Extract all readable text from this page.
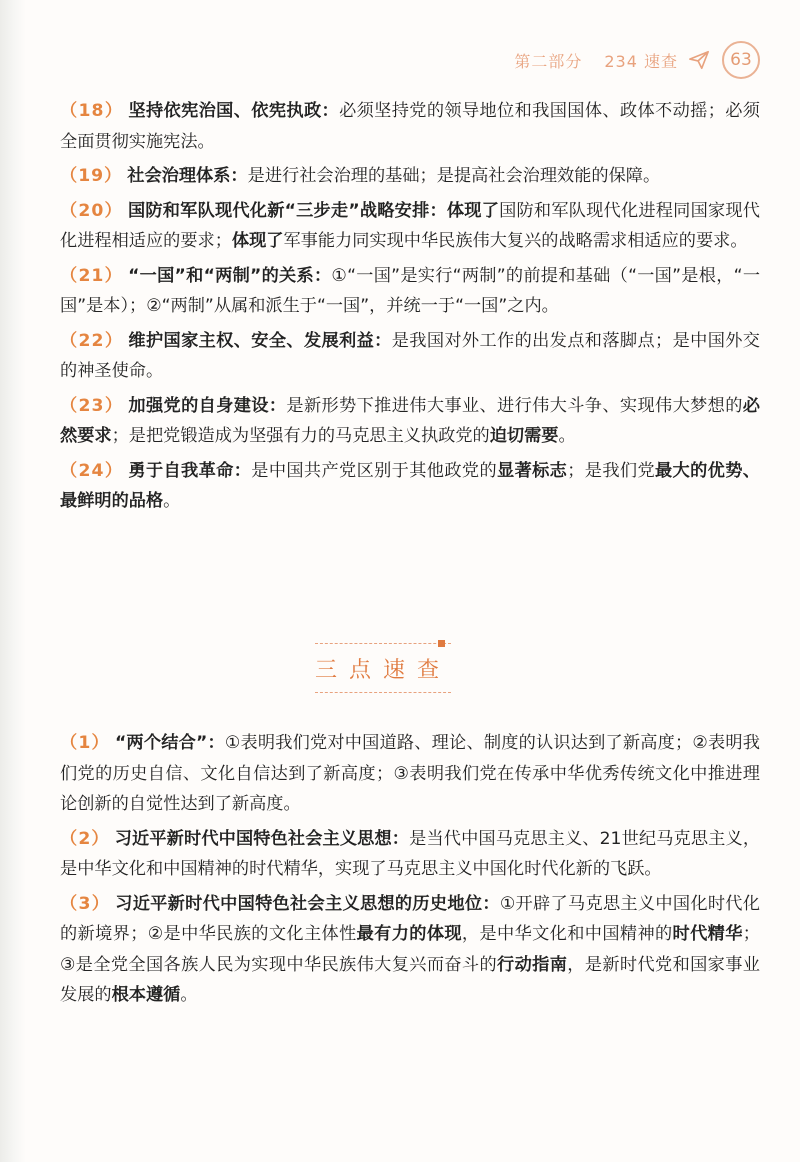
第二部分 234 速查	63
（18） 坚持依宪治国、依宪执政：必须坚持党的领导地位和我国国体、政体不动摇；必须全面贯彻实施宪法。
（19） 社会治理体系：是进行社会治理的基础；是提高社会治理效能的保障。
（20） 国防和军队现代化新“三步走”战略安排：体现了国防和军队现代化进程同国家现代化进程相适应的要求；体现了军事能力同实现中华民族伟大复兴的战略需求相适应的要求。
（21） “一国”和“两制”的关系：①“一国”是实行“两制”的前提和基础（“一国”是根，“一国”是本）；②“两制”从属和派生于“一国”，并统一于“一国”之内。
（22） 维护国家主权、安全、发展利益：是我国对外工作的出发点和落脚点；是中国外交的神圣使命。
（23） 加强党的自身建设：是新形势下推进伟大事业、进行伟大斗争、实现伟大梦想的必然要求；是把党锻造成为坚强有力的马克思主义执政党的迫切需要。
（24） 勇于自我革命：是中国共产党区别于其他政党的显著标志；是我们党最大的优势、最鲜明的品格。
三点速查
（1） “两个结合”：①表明我们党对中国道路、理论、制度的认识达到了新高度；②表明我们党的历史自信、文化自信达到了新高度；③表明我们党在传承中华优秀传统文化中推进理论创新的自觉性达到了新高度。
（2） 习近平新时代中国特色社会主义思想：是当代中国马克思主义、21世纪马克思主义，是中华文化和中国精神的时代精华，实现了马克思主义中国化时代化新的飞跃。
（3） 习近平新时代中国特色社会主义思想的历史地位：①开辟了马克思主义中国化时代化的新境界；②是中华民族的文化主体性最有力的体现，是中华文化和中国精神的时代精华；③是全党全国各族人民为实现中华民族伟大复兴而奋斗的行动指南，是新时代党和国家事业发展的根本遵循。
